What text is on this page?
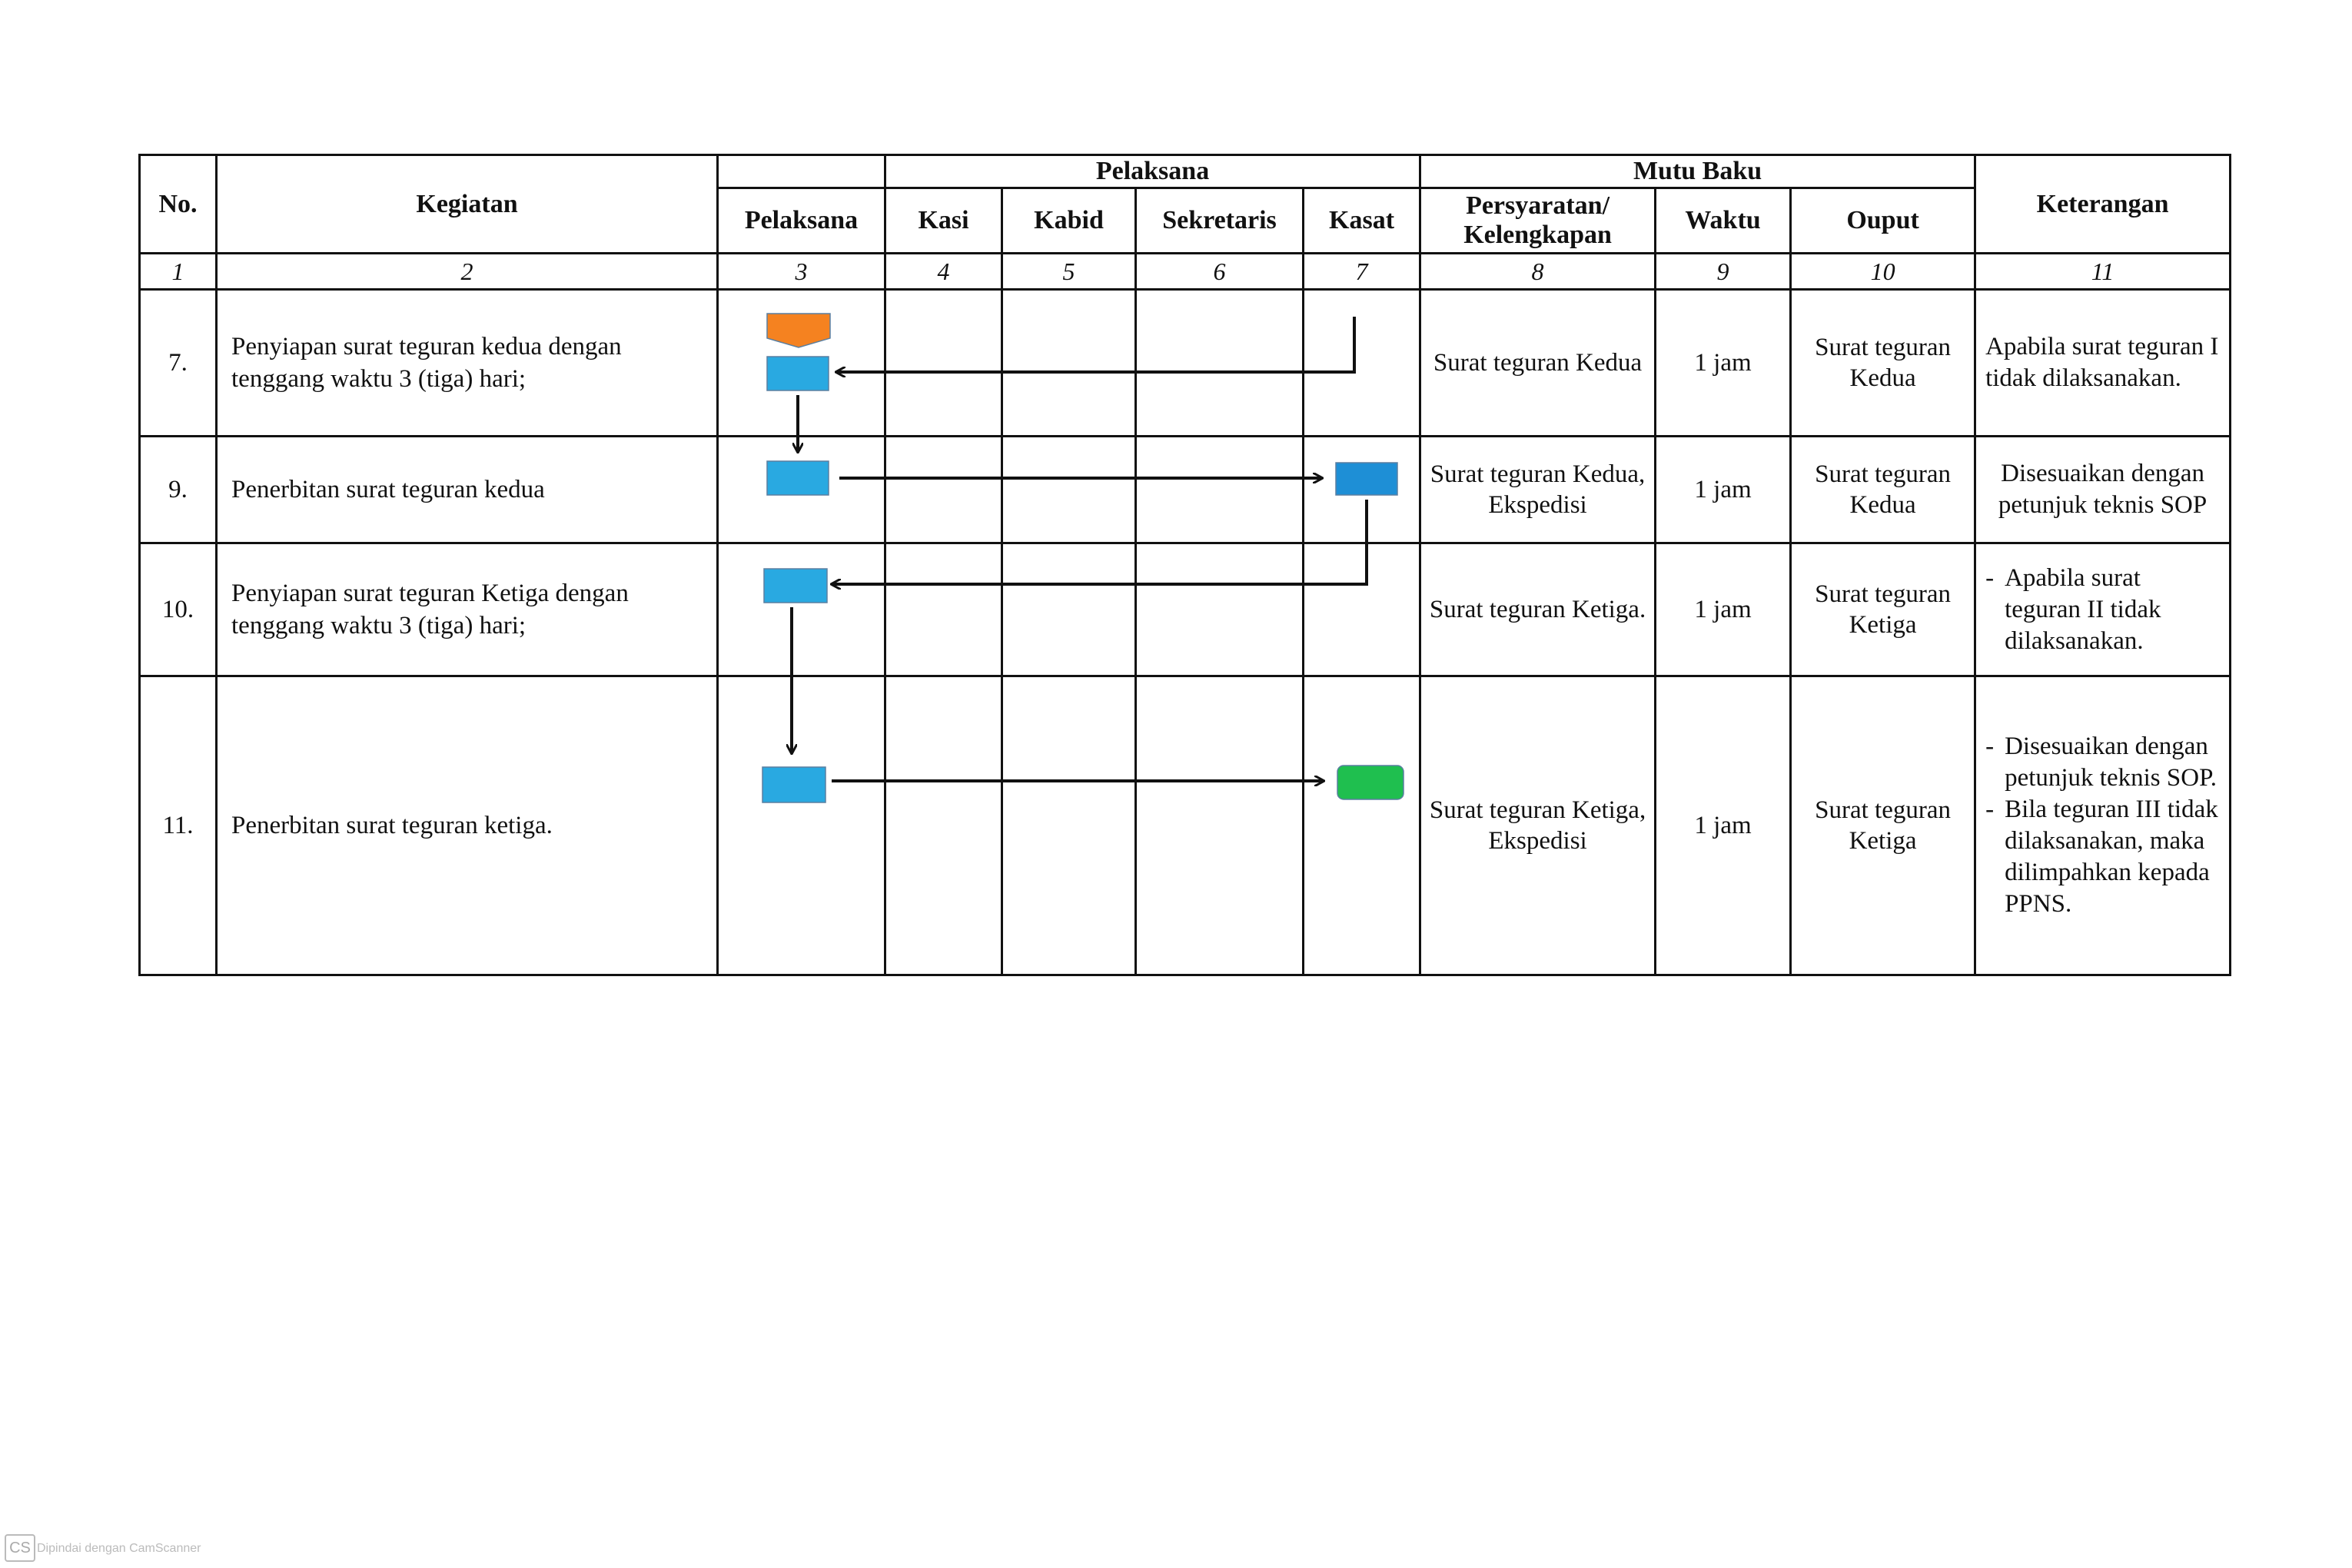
No.	Kegiatan		Pelaksana				Mutu Baku			Keterangan
		Pelaksana	Kasi	Kabid	Sekretaris	Kasat	Persyaratan/ Kelengkapan	Waktu	Ouput	
1	2	3	4	5	6	7	8	9	10	11
7.	Penyiapan surat teguran kedua dengan tenggang waktu 3 (tiga) hari;						Surat teguran Kedua	1 jam	Surat teguran Kedua	Apabila surat teguran I tidak dilaksanakan.
9.	Penerbitan surat teguran kedua						Surat teguran Kedua, Ekspedisi	1 jam	Surat teguran Kedua	Disesuaikan dengan petunjuk teknis SOP
10.	Penyiapan surat teguran Ketiga dengan tenggang waktu 3 (tiga) hari;						Surat teguran Ketiga.	1 jam	Surat teguran Ketiga	- Apabila surat teguran II tidak dilaksanakan.

11.	Penerbitan surat teguran ketiga.						Surat teguran Ketiga, Ekspedisi	1 jam	Surat teguran Ketiga	- Disesuaikan dengan petunjuk teknis SOP.
- Bila teguran III tidak dilaksanakan, maka dilimpahkan kepada PPNS.
CS Dipindai dengan CamScanner
